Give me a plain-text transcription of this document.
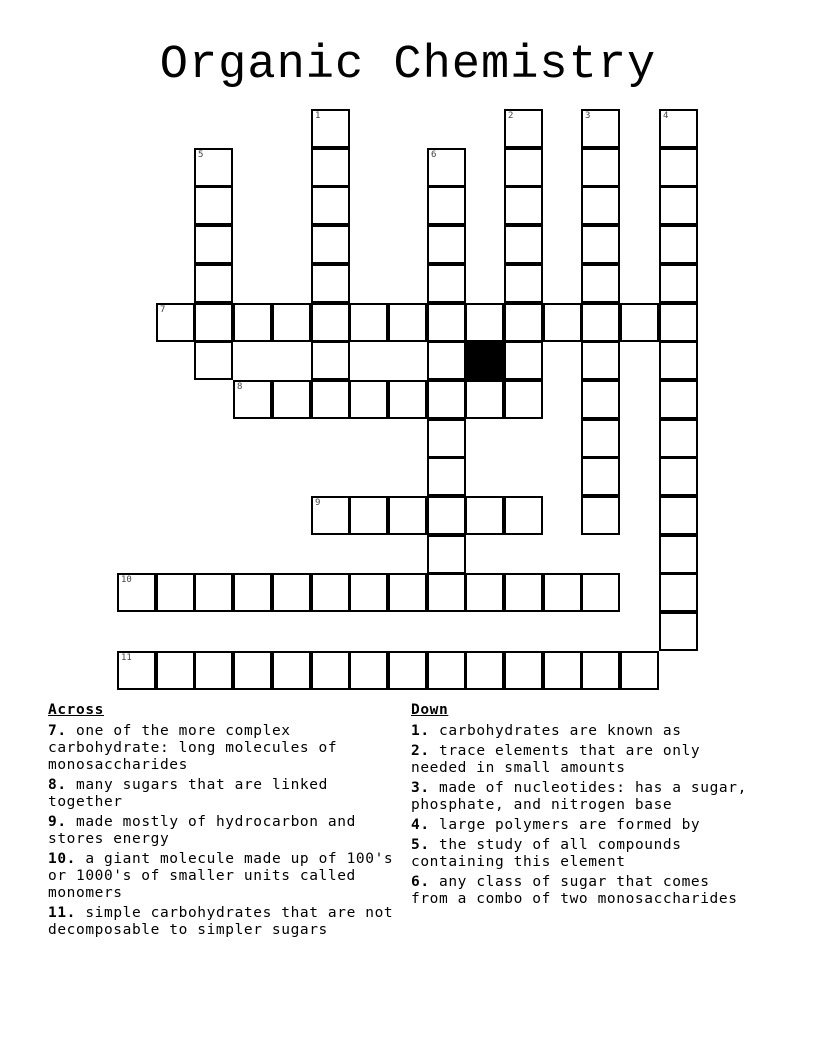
Organic Chemistry
1	2	3	4
5	6
7
8
9
10
11
Across
7. one of the more complex carbohydrate: long molecules of monosaccharides
8. many sugars that are linked together
9. made mostly of hydrocarbon and stores energy
10. a giant molecule made up of 100's or 1000's of smaller units called monomers
11. simple carbohydrates that are not decomposable to simpler sugars
Down
1. carbohydrates are known as
2. trace elements that are only needed in small amounts
3. made of nucleotides: has a sugar, phosphate, and nitrogen base
4. large polymers are formed by
5. the study of all compounds containing this element
6. any class of sugar that comes from a combo of two monosaccharides
